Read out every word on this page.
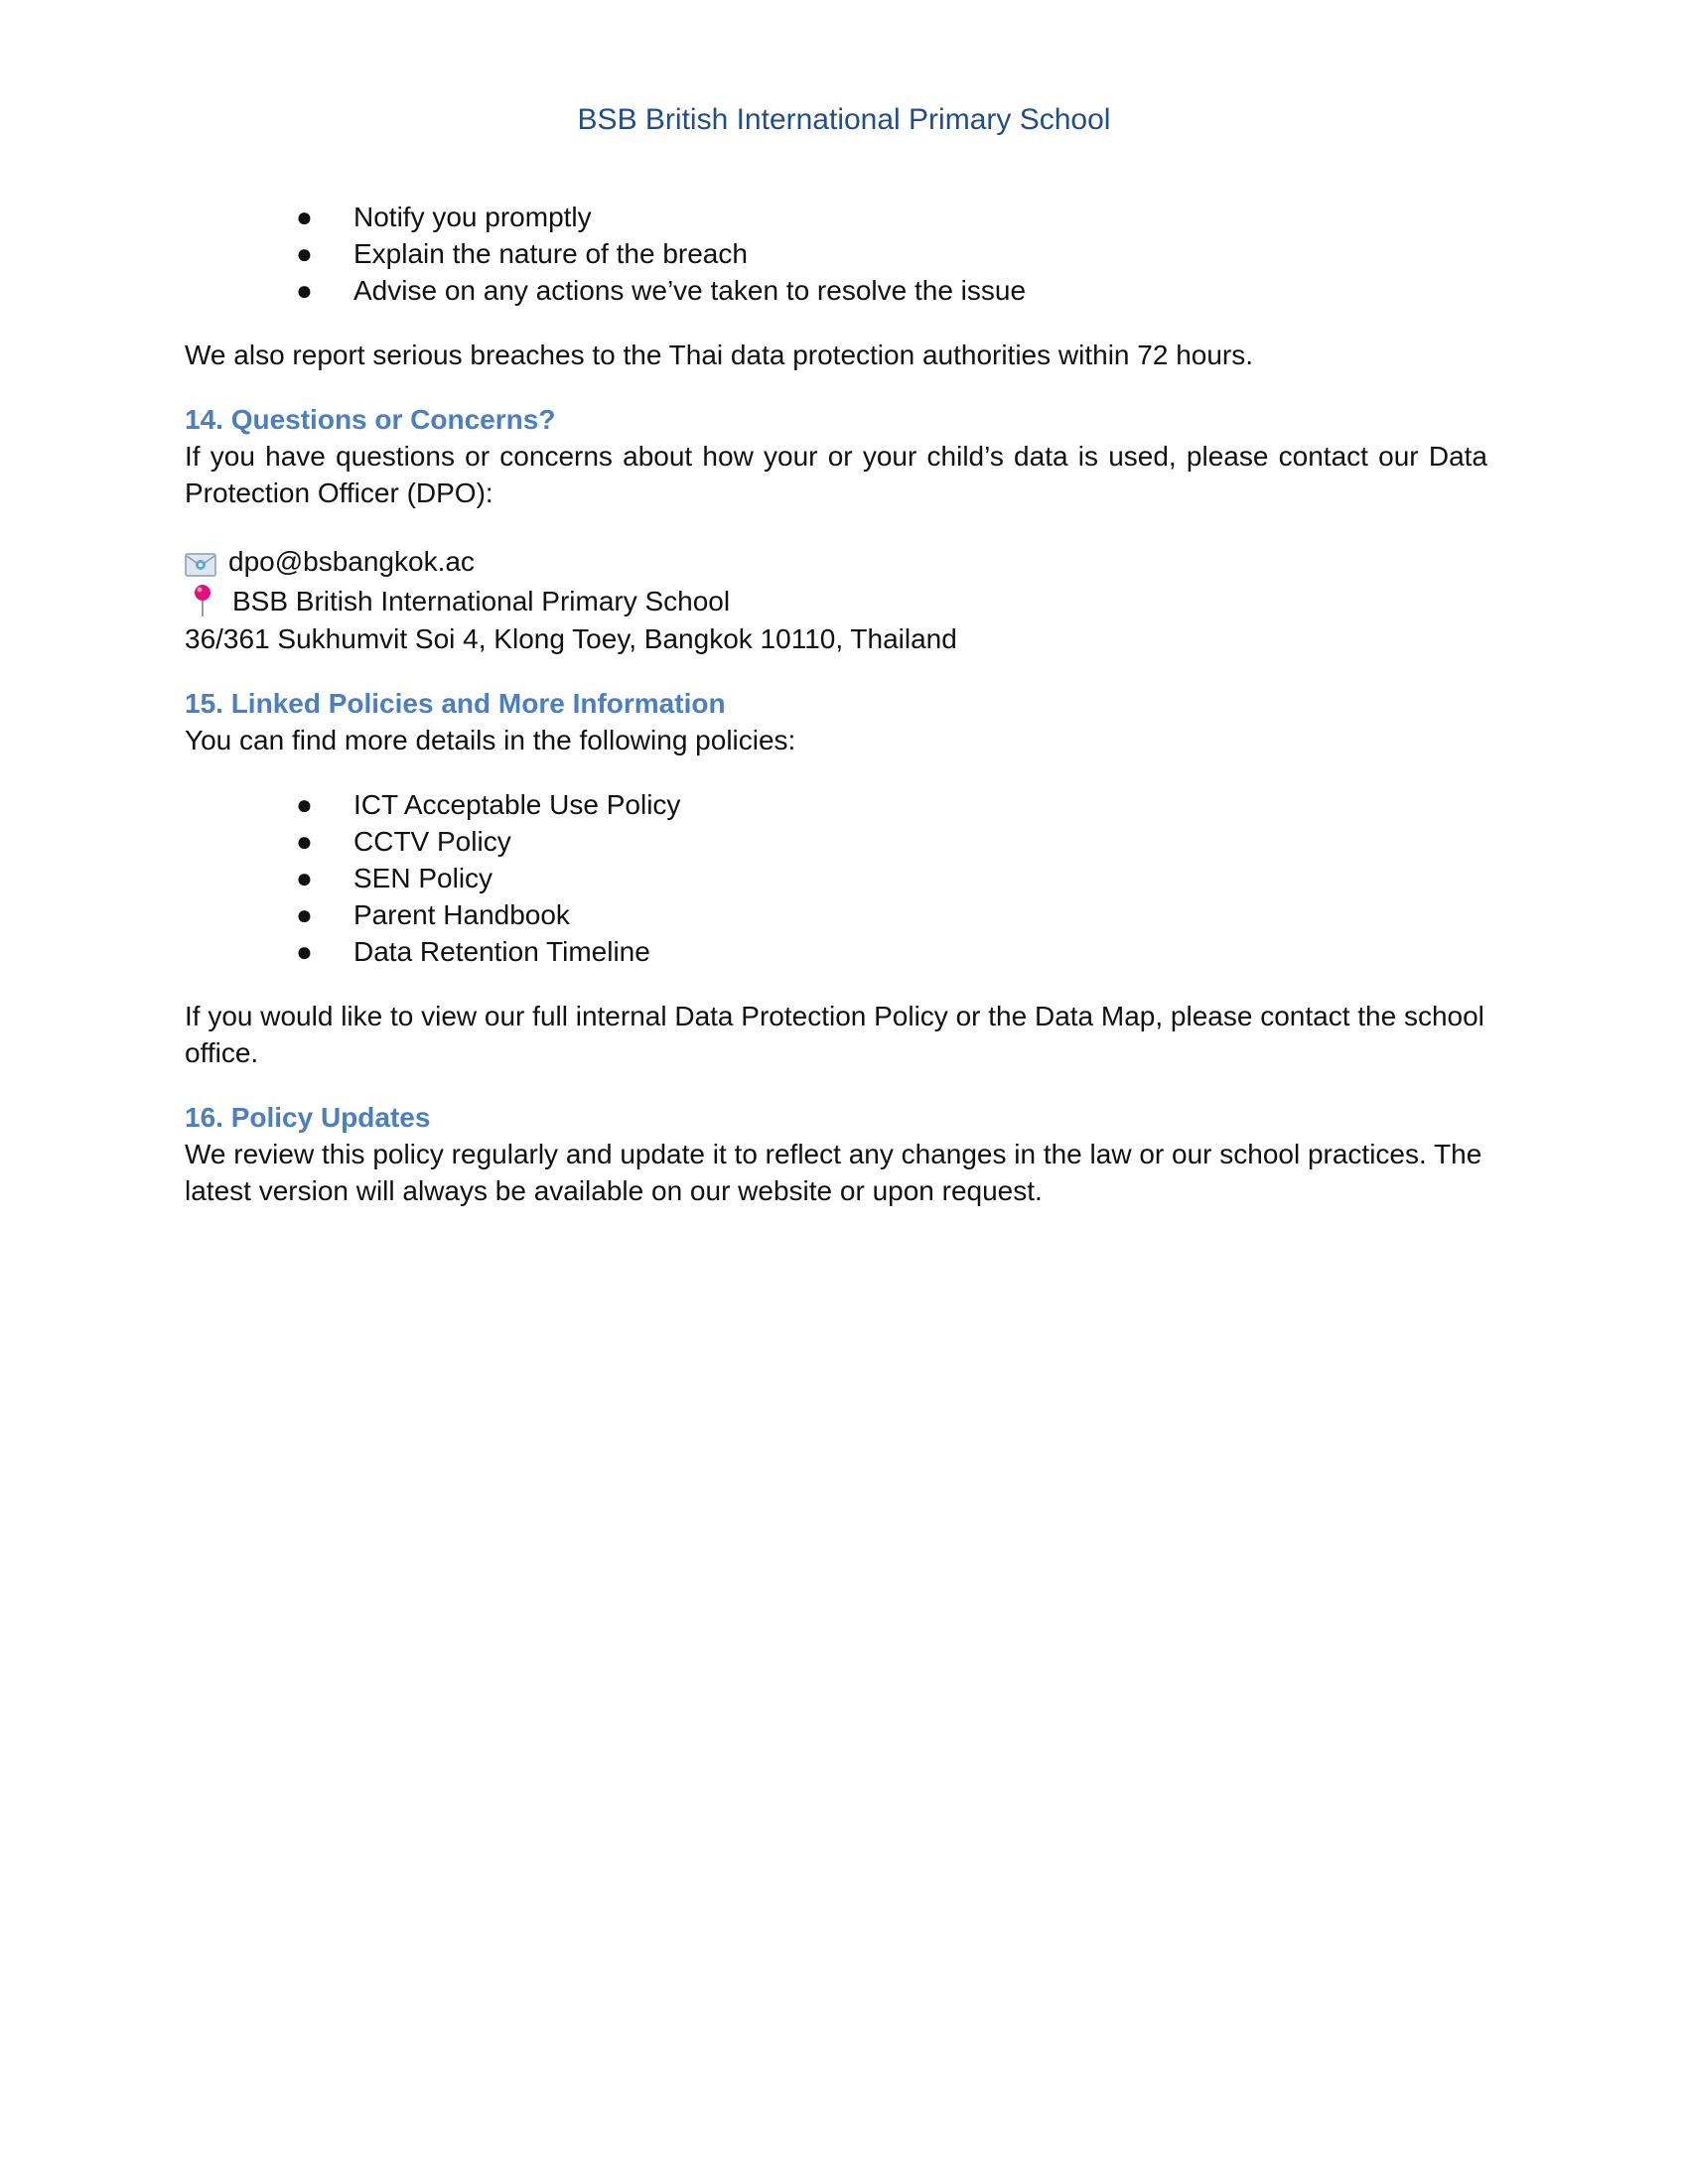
BSB British International Primary School
● Notify you promptly
● Explain the nature of the breach
● Advise on any actions we’ve taken to resolve the issue

We also report serious breaches to the Thai data protection authorities within 72 hours.

14. Questions or Concerns?

If you have questions or concerns about how your or your child’s data is used, please contact our Data Protection Officer (DPO):

dpo@bsbangkok.ac
BSB British International Primary School

36/361 Sukhumvit Soi 4, Klong Toey, Bangkok 10110, Thailand

15. Linked Policies and More Information

You can find more details in the following policies:

● ICT Acceptable Use Policy
● CCTV Policy
● SEN Policy
● Parent Handbook
● Data Retention Timeline

If you would like to view our full internal Data Protection Policy or the Data Map, please contact the school office.

16. Policy Updates

We review this policy regularly and update it to reflect any changes in the law or our school practices. The latest version will always be available on our website or upon request.
